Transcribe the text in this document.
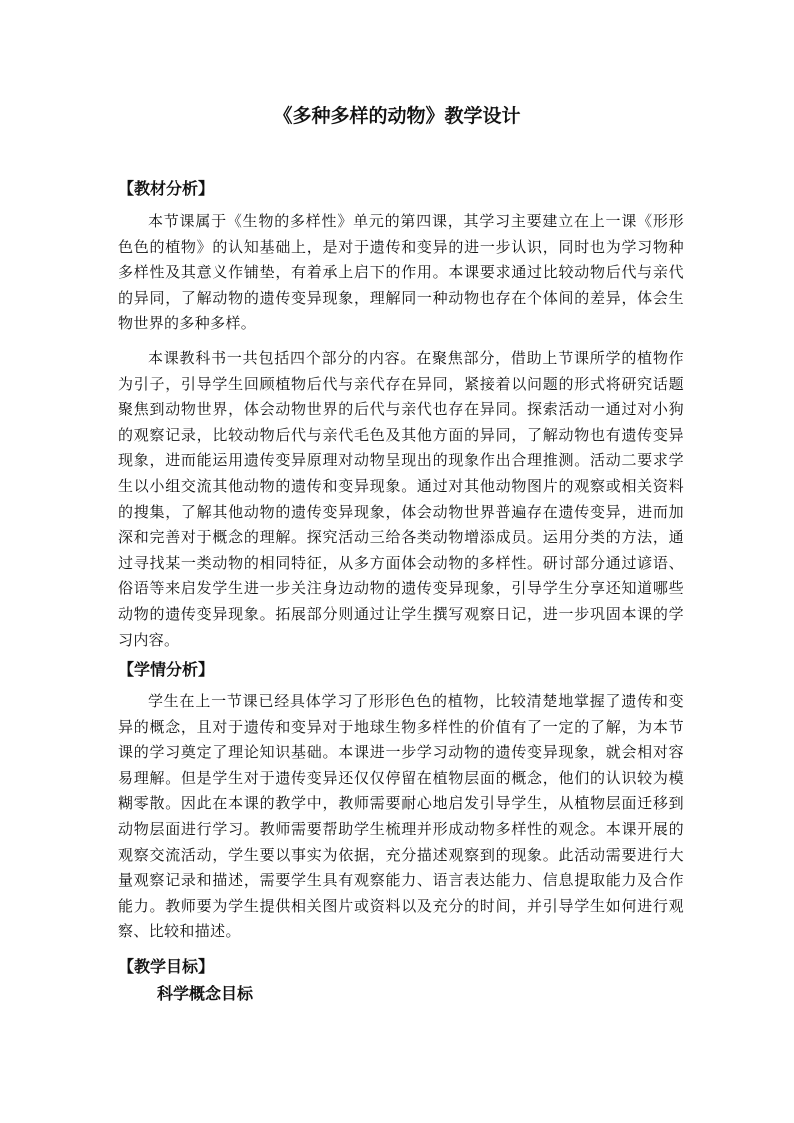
《多种多样的动物》教学设计
【教材分析】

本节课属于《生物的多样性》单元的第四课，其学习主要建立在上一课《形形色色的植物》的认知基础上，是对于遗传和变异的进一步认识，同时也为学习物种多样性及其意义作铺垫，有着承上启下的作用。本课要求通过比较动物后代与亲代的异同，了解动物的遗传变异现象，理解同一种动物也存在个体间的差异，体会生物世界的多种多样。

本课教科书一共包括四个部分的内容。在聚焦部分，借助上节课所学的植物作为引子，引导学生回顾植物后代与亲代存在异同，紧接着以问题的形式将研究话题聚焦到动物世界，体会动物世界的后代与亲代也存在异同。探索活动一通过对小狗的观察记录，比较动物后代与亲代毛色及其他方面的异同，了解动物也有遗传变异现象，进而能运用遗传变异原理对动物呈现出的现象作出合理推测。活动二要求学生以小组交流其他动物的遗传和变异现象。通过对其他动物图片的观察或相关资料的搜集，了解其他动物的遗传变异现象，体会动物世界普遍存在遗传变异，进而加深和完善对于概念的理解。探究活动三给各类动物增添成员。运用分类的方法，通过寻找某一类动物的相同特征，从多方面体会动物的多样性。研讨部分通过谚语、俗语等来启发学生进一步关注身边动物的遗传变异现象，引导学生分享还知道哪些动物的遗传变异现象。拓展部分则通过让学生撰写观察日记，进一步巩固本课的学习内容。

【学情分析】

学生在上一节课已经具体学习了形形色色的植物，比较清楚地掌握了遗传和变异的概念，且对于遗传和变异对于地球生物多样性的价值有了一定的了解，为本节课的学习奠定了理论知识基础。本课进一步学习动物的遗传变异现象，就会相对容易理解。但是学生对于遗传变异还仅仅停留在植物层面的概念，他们的认识较为模糊零散。因此在本课的教学中，教师需要耐心地启发引导学生，从植物层面迁移到动物层面进行学习。教师需要帮助学生梳理并形成动物多样性的观念。本课开展的观察交流活动，学生要以事实为依据，充分描述观察到的现象。此活动需要进行大量观察记录和描述，需要学生具有观察能力、语言表达能力、信息提取能力及合作能力。教师要为学生提供相关图片或资料以及充分的时间，并引导学生如何进行观察、比较和描述。

【教学目标】
科学概念目标
